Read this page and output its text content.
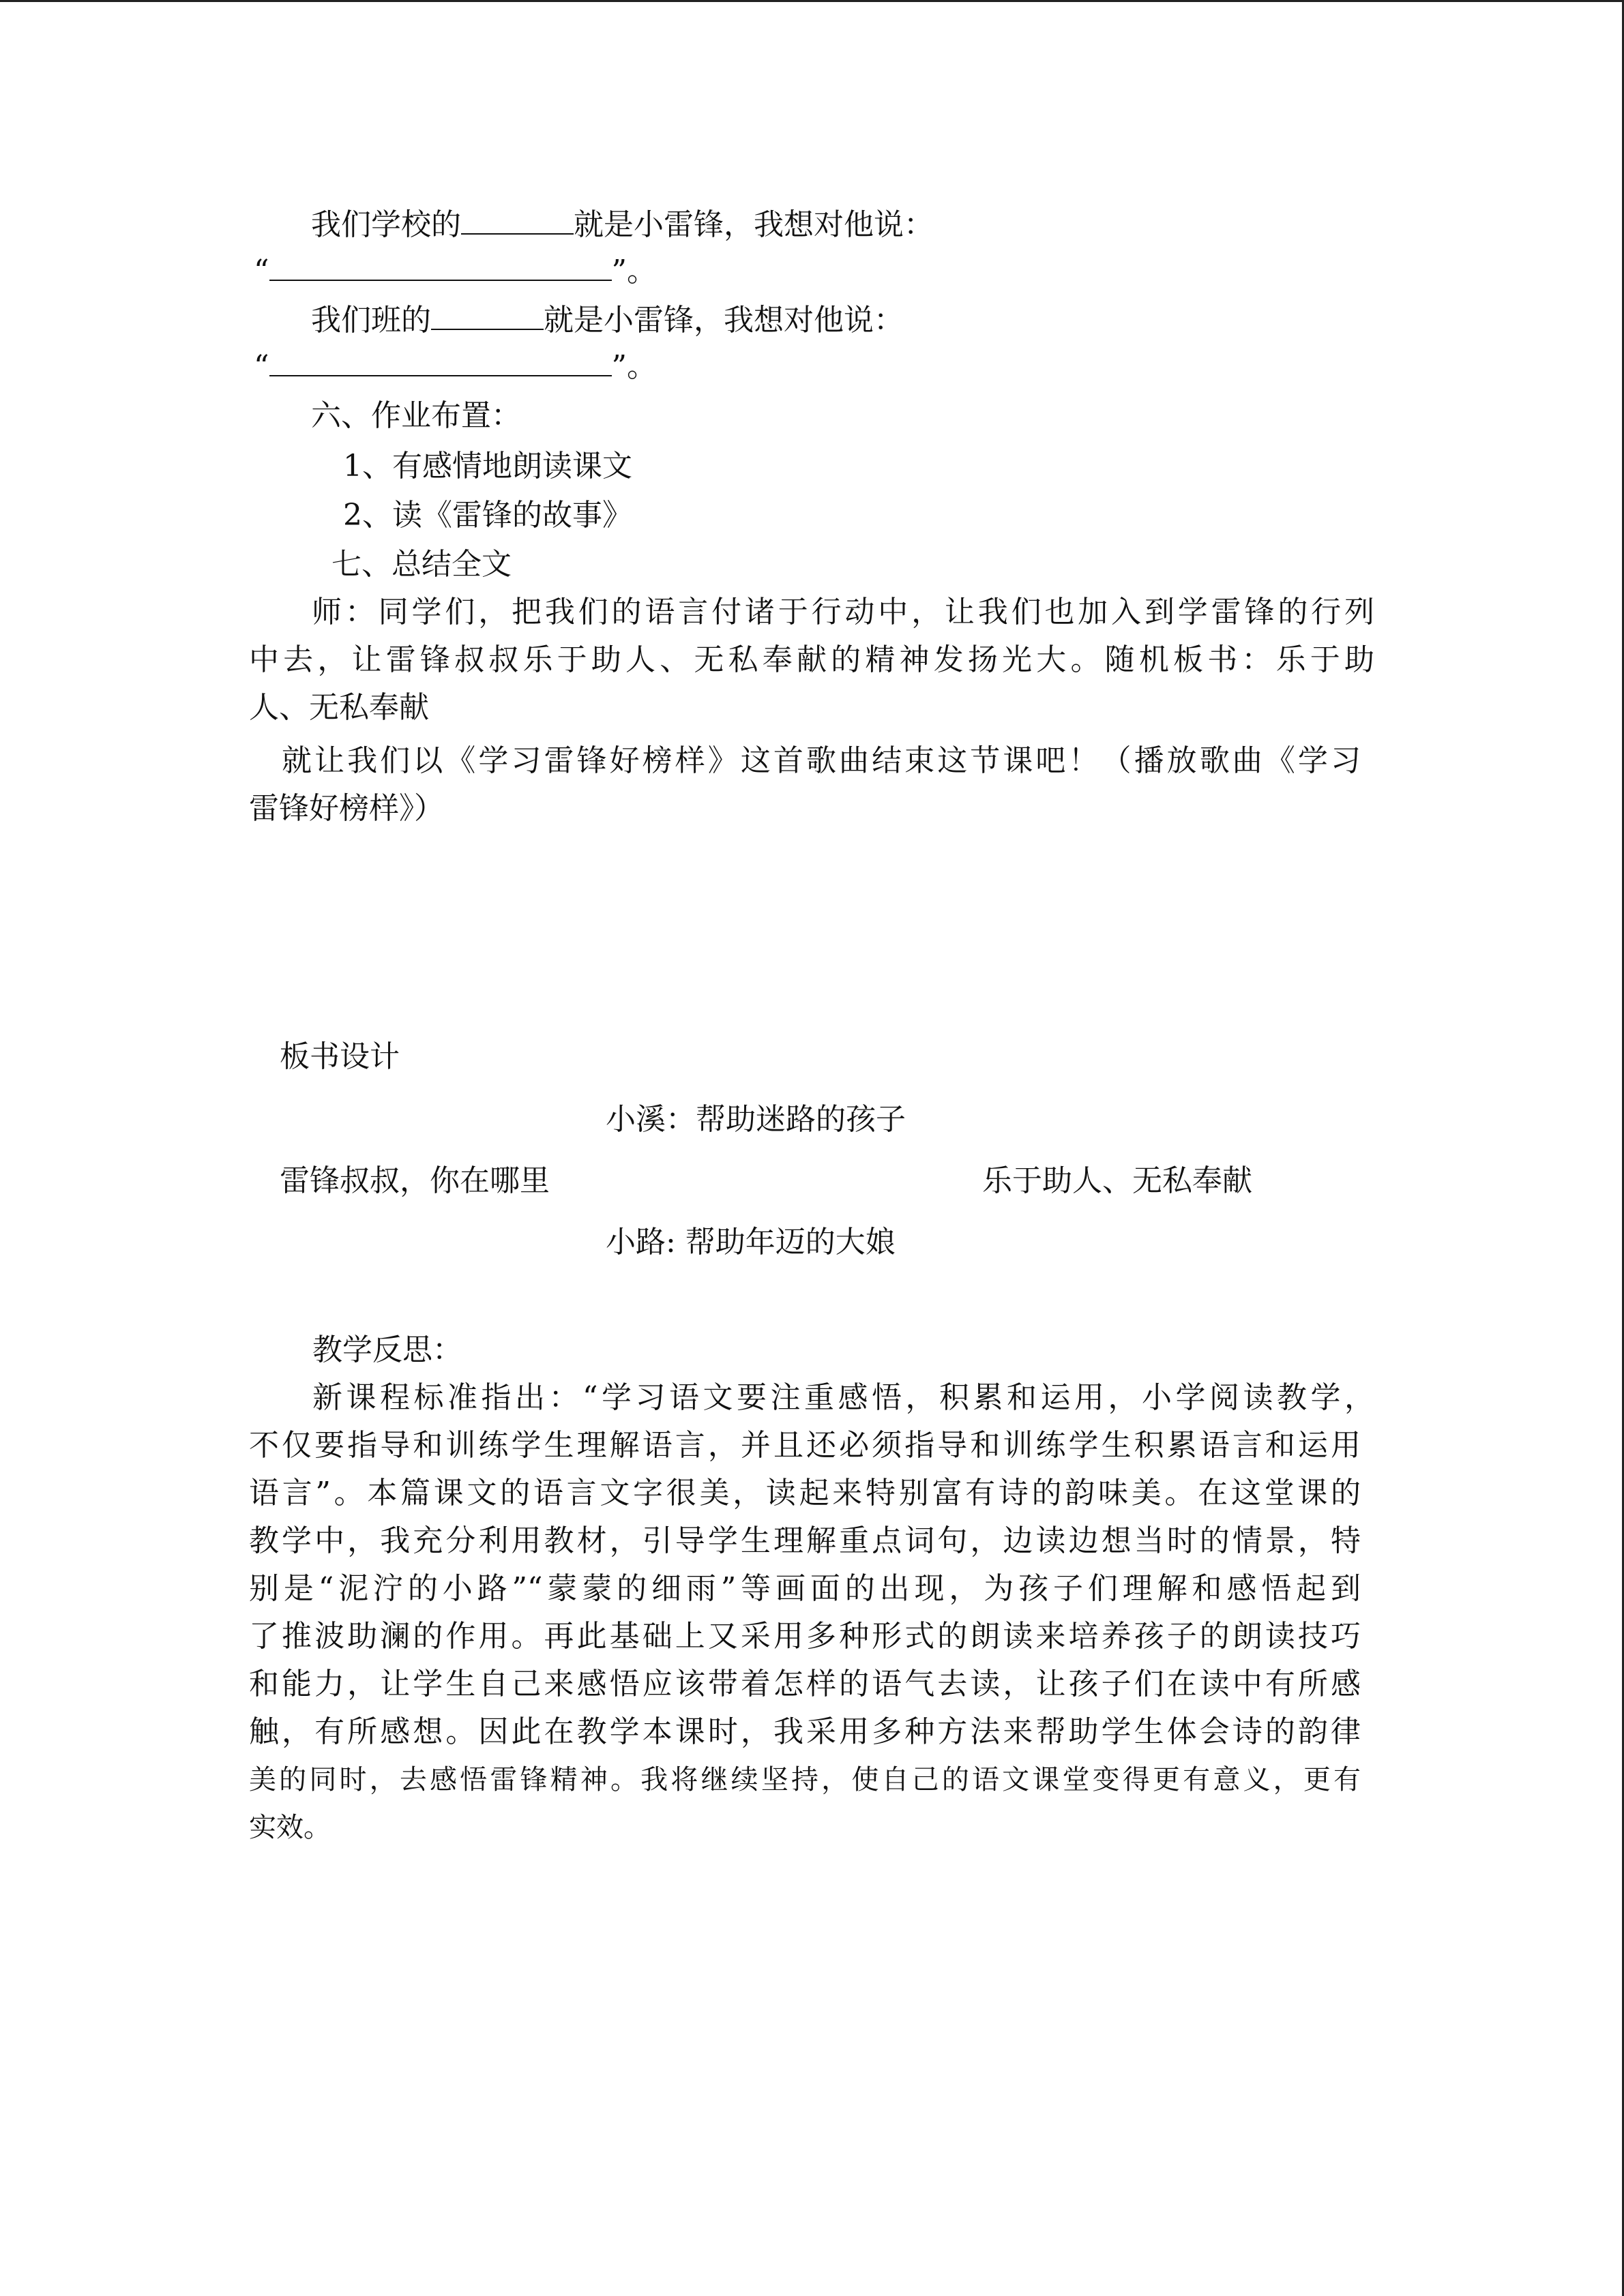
我们学校的	就是小雷锋，我想对他说：
“	”。
我们班的	就是小雷锋，我想对他说：
“	”。
六、作业布置：
1、有感情地朗读课文
2、读《雷锋的故事》
七、总结全文
师：同学们，把我们的语言付诸于行动中，让我们也加入到学雷锋的行列
中去，让雷锋叔叔乐于助人、无私奉献的精神发扬光大。随机板书：乐于助
人、无私奉献
就让我们以《学习雷锋好榜样》这首歌曲结束这节课吧！（播放歌曲《学习
雷锋好榜样》）
板书设计
小溪：帮助迷路的孩子
雷锋叔叔，你在哪里	乐于助人、无私奉献
小路: 帮助年迈的大娘
教学反思：
新课程标准指出：“学习语文要注重感悟，积累和运用，小学阅读教学，
不仅要指导和训练学生理解语言，并且还必须指导和训练学生积累语言和运用
语言”。本篇课文的语言文字很美，读起来特别富有诗的韵味美。在这堂课的
教学中，我充分利用教材，引导学生理解重点词句，边读边想当时的情景，特
别是“泥泞的小路”“蒙蒙的细雨”等画面的出现，为孩子们理解和感悟起到
了推波助澜的作用。再此基础上又采用多种形式的朗读来培养孩子的朗读技巧
和能力，让学生自己来感悟应该带着怎样的语气去读，让孩子们在读中有所感
触，有所感想。因此在教学本课时，我采用多种方法来帮助学生体会诗的韵律
美的同时，去感悟雷锋精神。我将继续坚持，使自己的语文课堂变得更有意义，更有
实效。
